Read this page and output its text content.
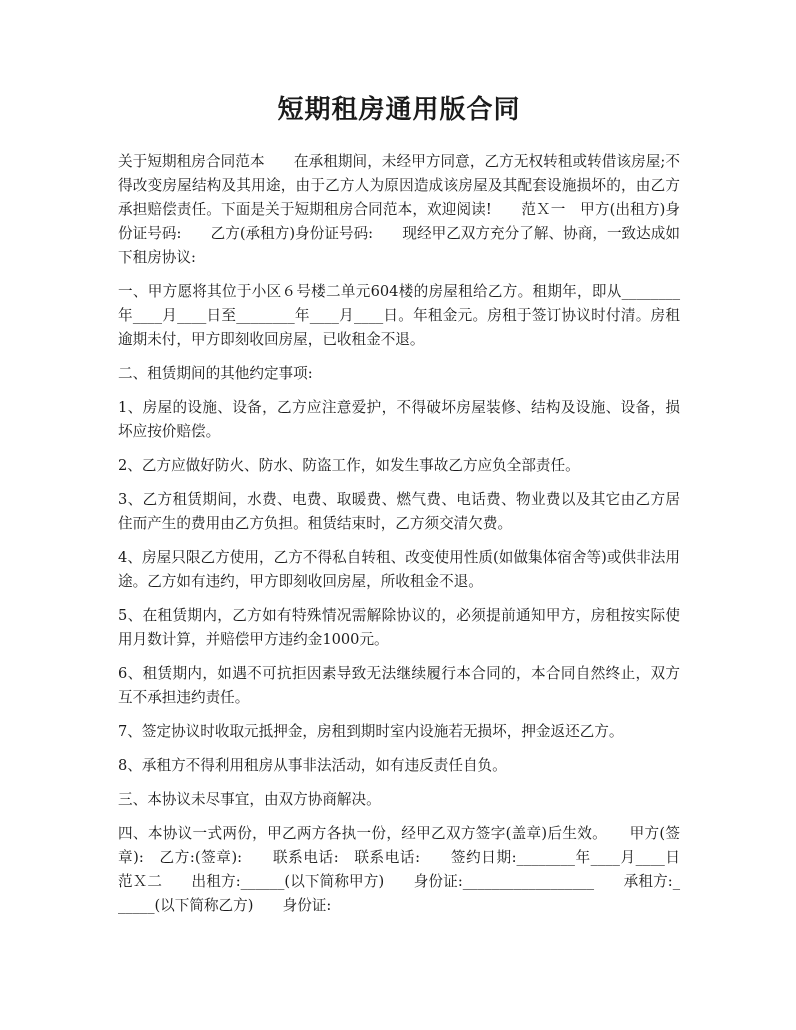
短期租房通用版合同

关于短期租房合同范本　　在承租期间，未经甲方同意，乙方无权转租或转借该房屋;不得改变房屋结构及其用途，由于乙方人为原因造成该房屋及其配套设施损坏的，由乙方承担赔偿责任。下面是关于短期租房合同范本，欢迎阅读!　　范Ｘ一　甲方(出租方)身份证号码:　　乙方(承租方)身份证号码:　　现经甲乙双方充分了解、协商，一致达成如下租房协议:

一、甲方愿将其位于小区６号楼二单元604楼的房屋租给乙方。租期年，即从________年____月____日至________年____月____日。年租金元。房租于签订协议时付清。房租逾期未付，甲方即刻收回房屋，已收租金不退。

二、租赁期间的其他约定事项:

1、房屋的设施、设备，乙方应注意爱护，不得破坏房屋装修、结构及设施、设备，损坏应按价赔偿。

2、乙方应做好防火、防水、防盗工作，如发生事故乙方应负全部责任。

3、乙方租赁期间，水费、电费、取暖费、燃气费、电话费、物业费以及其它由乙方居住而产生的费用由乙方负担。租赁结束时，乙方须交清欠费。

4、房屋只限乙方使用，乙方不得私自转租、改变使用性质(如做集体宿舍等)或供非法用途。乙方如有违约，甲方即刻收回房屋，所收租金不退。

5、在租赁期内，乙方如有特殊情况需解除协议的，必须提前通知甲方，房租按实际使用月数计算，并赔偿甲方违约金1000元。

6、租赁期内，如遇不可抗拒因素导致无法继续履行本合同的，本合同自然终止，双方互不承担违约责任。

7、签定协议时收取元抵押金，房租到期时室内设施若无损坏，押金返还乙方。

8、承租方不得利用租房从事非法活动，如有违反责任自负。

三、本协议未尽事宜，由双方协商解决。

四、本协议一式两份，甲乙两方各执一份，经甲乙双方签字(盖章)后生效。　　甲方(签章):　乙方:(签章):　　联系电话:　联系电话:　　签约日期:________年____月____日　　范Ｘ二　　出租方:______(以下简称甲方)　　身份证:__________________　　承租方:______(以下简称乙方)　　身份证:
